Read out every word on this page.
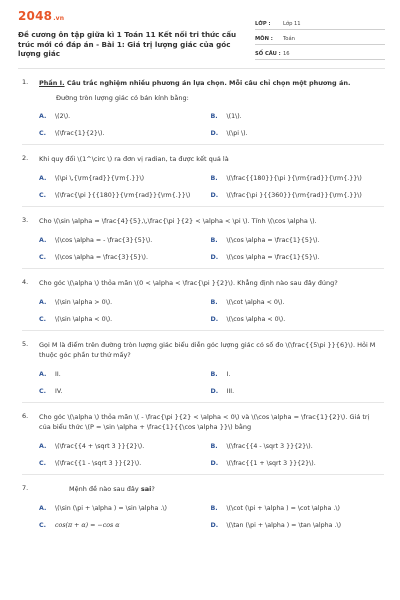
2048.vn
Đề cương ôn tập giữa kì 1 Toán 11 Kết nối tri thức cấu trúc mới có đáp án - Bài 1: Giá trị lượng giác của góc lượng giác
LỚP :	Lớp 11
MÔN :	Toán
SỐ CÂU : 16
1. Phần I. Câu trắc nghiệm nhiều phương án lựa chọn. Mỗi câu chỉ chọn một phương án.
Đường tròn lượng giác có bán kính bằng:
A.	\(2\).	B.	\(1\).
C.	\(\frac{1}{2}\).	D.	\(\pi \).
2. Khi quy đổi \(1^\circ \) ra đơn vị radian, ta được kết quả là
A.	\(\pi \,{\rm{rad}}{\rm{.}}\)	B.	\(\frac{{180}}{\pi }{\rm{rad}}{\rm{.}}\)
C.	\(\frac{\pi }{{180}}{\rm{rad}}{\rm{.}}\)	D.	\(\frac{\pi }{{360}}{\rm{rad}}{\rm{.}}\)
3. Cho \(\sin \alpha = \frac{4}{5},\,\frac{\pi }{2} < \alpha < \pi \). Tính \(\cos \alpha \).
A.	\(\cos \alpha = - \frac{3}{5}\).	B.	\(\cos \alpha = \frac{1}{5}\).
C.	\(\cos \alpha = \frac{3}{5}\).	D.	\(\cos \alpha = \frac{1}{5}\).
4. Cho góc \(\alpha \) thỏa mãn \(0 < \alpha < \frac{\pi }{2}\). Khẳng định nào sau đây đúng?
A.	\(\sin \alpha > 0\).	B.	\(\cot \alpha < 0\).
C.	\(\sin \alpha < 0\).	D.	\(\cos \alpha < 0\).
5. Gọi M là điểm trên đường tròn lượng giác biểu diễn góc lượng giác có số đo \(\frac{{5\pi }}{6}\). Hỏi M thuộc góc phần tư thứ mấy?
A.	II.	B.	I.
C.	IV.	D.	III.
6. Cho góc \(\alpha \) thỏa mãn \( - \frac{\pi }{2} < \alpha < 0\) và \(\cos \alpha = \frac{1}{2}\). Giá trị của biểu thức \(P = \sin \alpha + \frac{1}{{\cos \alpha }}\) bằng
A.	\(\frac{{4 + \sqrt 3 }}{2}\).	B.	\(\frac{{4 - \sqrt 3 }}{2}\).
C.	\(\frac{{1 - \sqrt 3 }}{2}\).	D.	\(\frac{{1 + \sqrt 3 }}{2}\).
7.	Mệnh đề nào sau đây sai?
A.	\(\sin (\pi + \alpha ) = \sin \alpha .\)	B.	\(\cot (\pi + \alpha ) = \cot \alpha .\)
C.	cos(π + α) = −cos α	D.	\(\tan (\pi + \alpha ) = \tan \alpha .\)
